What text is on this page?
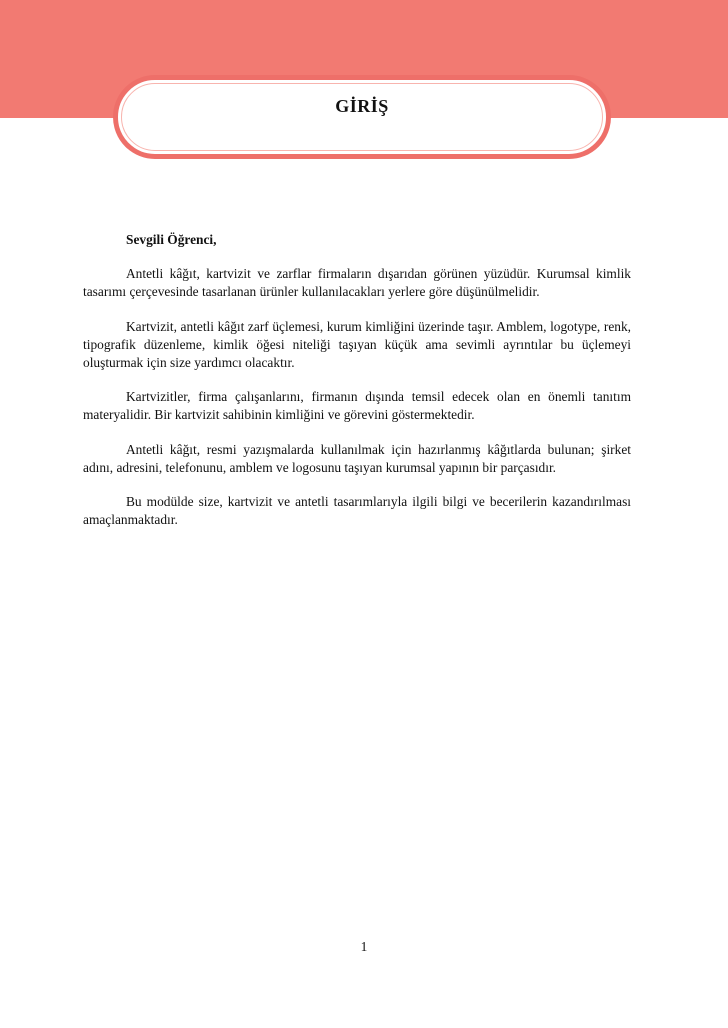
GİRİŞ

Sevgili Öğrenci,

Antetli kâğıt, kartvizit ve zarflar firmaların dışarıdan görünen yüzüdür. Kurumsal kimlik tasarımı çerçevesinde tasarlanan ürünler kullanılacakları yerlere göre düşünülmelidir.

Kartvizit, antetli kâğıt zarf üçlemesi, kurum kimliğini üzerinde taşır. Amblem, logotype, renk, tipografik düzenleme, kimlik öğesi niteliği taşıyan küçük ama sevimli ayrıntılar bu üçlemeyi oluşturmak için size yardımcı olacaktır.

Kartvizitler, firma çalışanlarını, firmanın dışında temsil edecek olan en önemli tanıtım materyalidir. Bir kartvizit sahibinin kimliğini ve görevini göstermektedir.

Antetli kâğıt, resmi yazışmalarda kullanılmak için hazırlanmış kâğıtlarda bulunan; şirket adını, adresini, telefonunu, amblem ve logosunu taşıyan kurumsal yapının bir parçasıdır.

Bu modülde size, kartvizit ve antetli tasarımlarıyla ilgili bilgi ve becerilerin kazandırılması amaçlanmaktadır.

1
